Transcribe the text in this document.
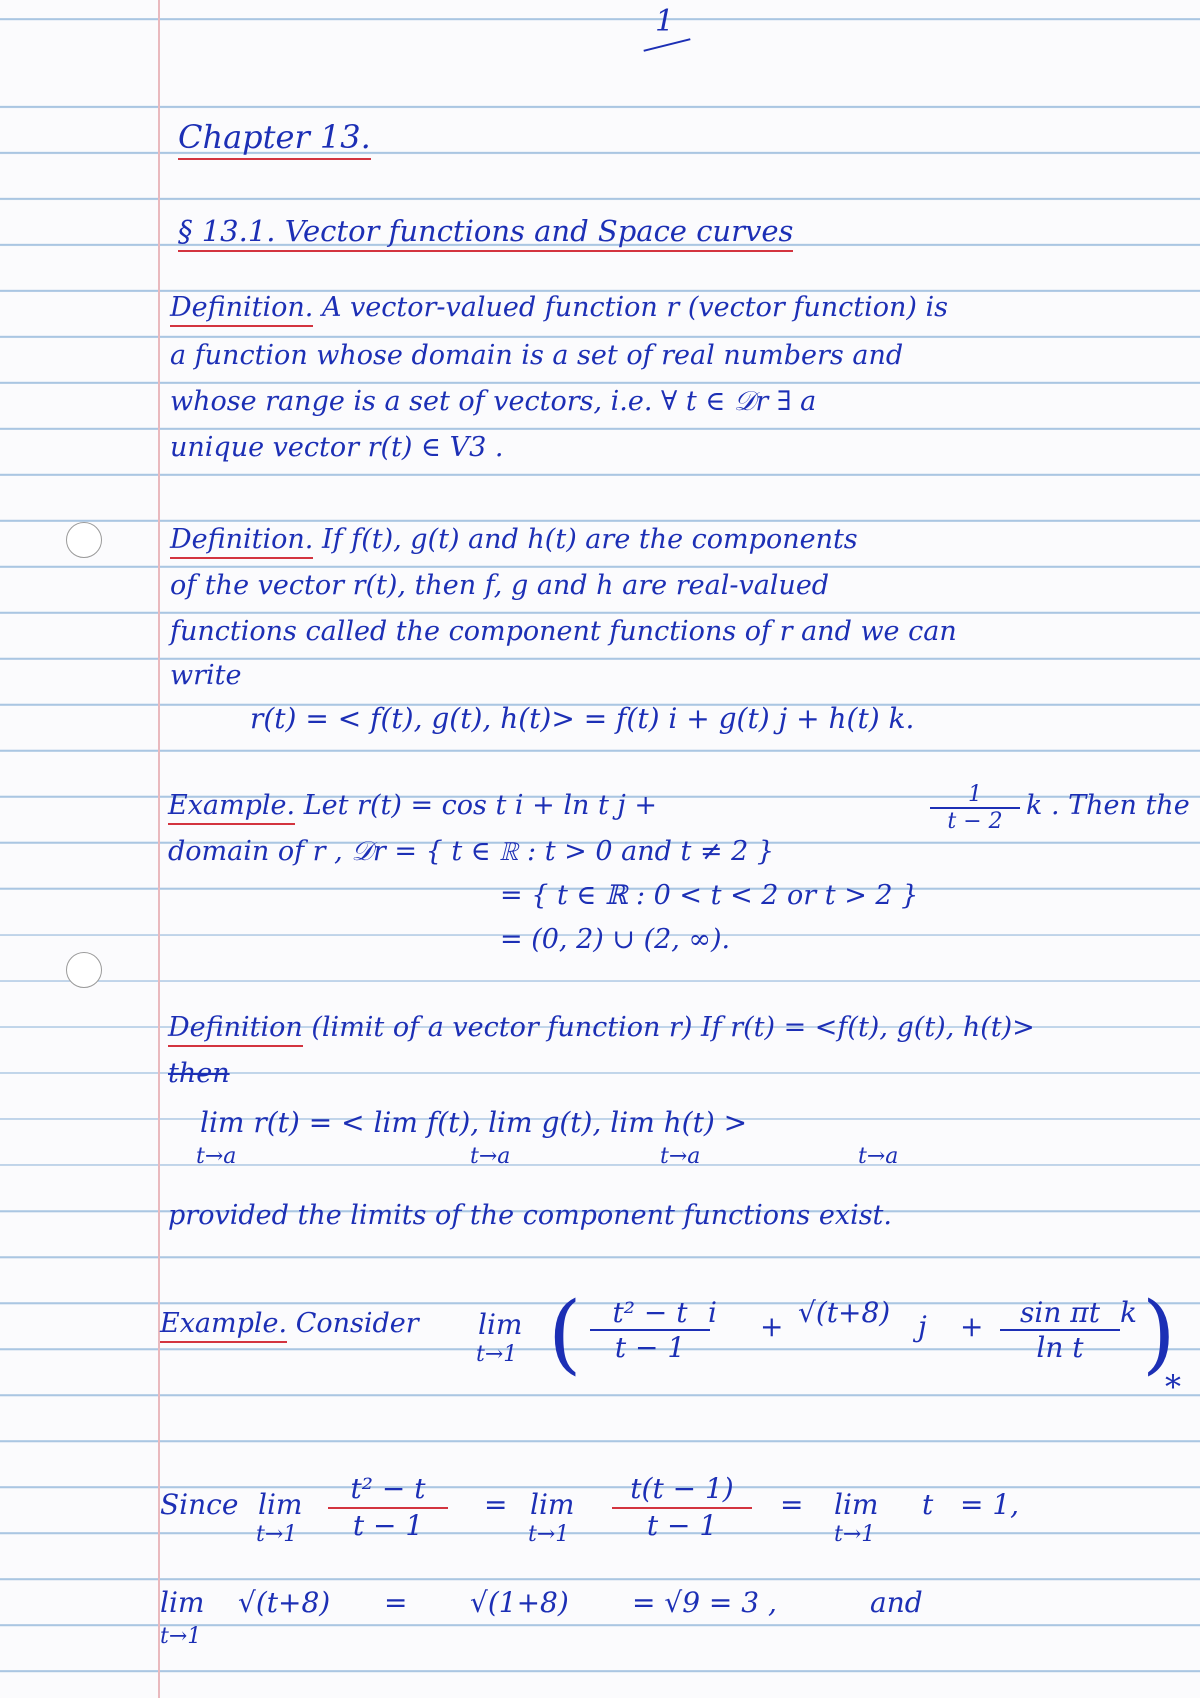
1
Chapter 13.
§ 13.1. Vector functions and Space curves
Definition. A vector-valued function r (vector function) is
a function whose domain is a set of real numbers and
whose range is a set of vectors, i.e. ∀ t ∈ 𝒟r ∃ a
unique vector r(t) ∈ V3 .
Definition. If f(t), g(t) and h(t) are the components
of the vector r(t), then f, g and h are real-valued
functions called the component functions of r and we can
write
r(t) = < f(t), g(t), h(t)> = f(t) i + g(t) j + h(t) k.
Example. Let r(t) = cos t i + ln t j +	$\frac{1}{t - 2}$ k . Then the
domain of r , 𝒟r = { t ∈ ℝ : t > 0 and t ≠ 2 }
= { t ∈ ℝ : 0 < t < 2 or t > 2 }
= (0, 2) ∪ (2, ∞).
Definition (limit of a vector function r) If r(t) = <f(t), g(t), h(t)>
then
lim r(t) = < lim f(t), lim g(t), lim h(t) >
t→a	t→a	t→a	t→a
provided the limits of the component functions exist.
Example. Consider lim
t→1 ( $\frac{\text{t² − t}}{t - 1}$
i + √(t+8) $j + \frac{\text{sin πt}}{\text{ln t}}$ k )
*
Since lim
$t\to 1 \frac{\text{t² − t}}{t - 1} = \lim$
$t\to 1 \frac{t(t - 1)}{t - 1} = \lim$
t→1
t = 1,
lim
t→1
√(t+8) = √(1+8) = √9 = 3 ,	and
